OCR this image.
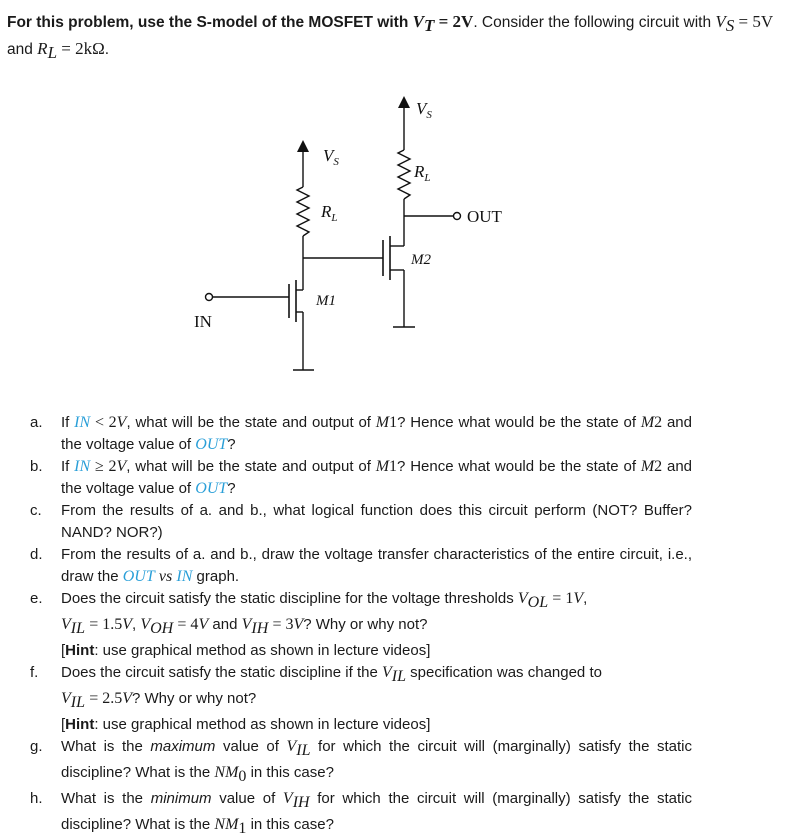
For this problem, use the S-model of the MOSFET with $V_T = 2V$. Consider the following circuit with $V_S = 5V$ and $R_L = 2k\Omega$.
$V_S$
$R_L$
$V_S$
$R_L$
M1
M2
IN
OUT
a.	If IN < 2V, what will be the state and output of M1? Hence what would be the state of M2 and the voltage value of OUT?
b.	If IN ≥ 2V, what will be the state and output of M1? Hence what would be the state of M2 and the voltage value of OUT?
c.	From the results of a. and b., what logical function does this circuit perform (NOT? Buffer? NAND? NOR?)
d.	From the results of a. and b., draw the voltage transfer characteristics of the entire circuit, i.e., draw the OUT vs IN graph.
e.	Does the circuit satisfy the static discipline for the voltage thresholds $V_{OL} = 1V$,
$V_{IL} = 1.5V$, $V_{OH} = 4V$ and $V_{IH} = 3V$? Why or why not?
[Hint: use graphical method as shown in lecture videos]
f.	Does the circuit satisfy the static discipline if the $V_{IL}$ specification was changed to
$V_{IL} = 2.5V$? Why or why not?
[Hint: use graphical method as shown in lecture videos]
g.	What is the maximum value of $V_{IL}$ for which the circuit will (marginally) satisfy the static discipline? What is the $NM_0$ in this case?
h.	What is the minimum value of $V_{IH}$ for which the circuit will (marginally) satisfy the static discipline? What is the $NM_1$ in this case?
